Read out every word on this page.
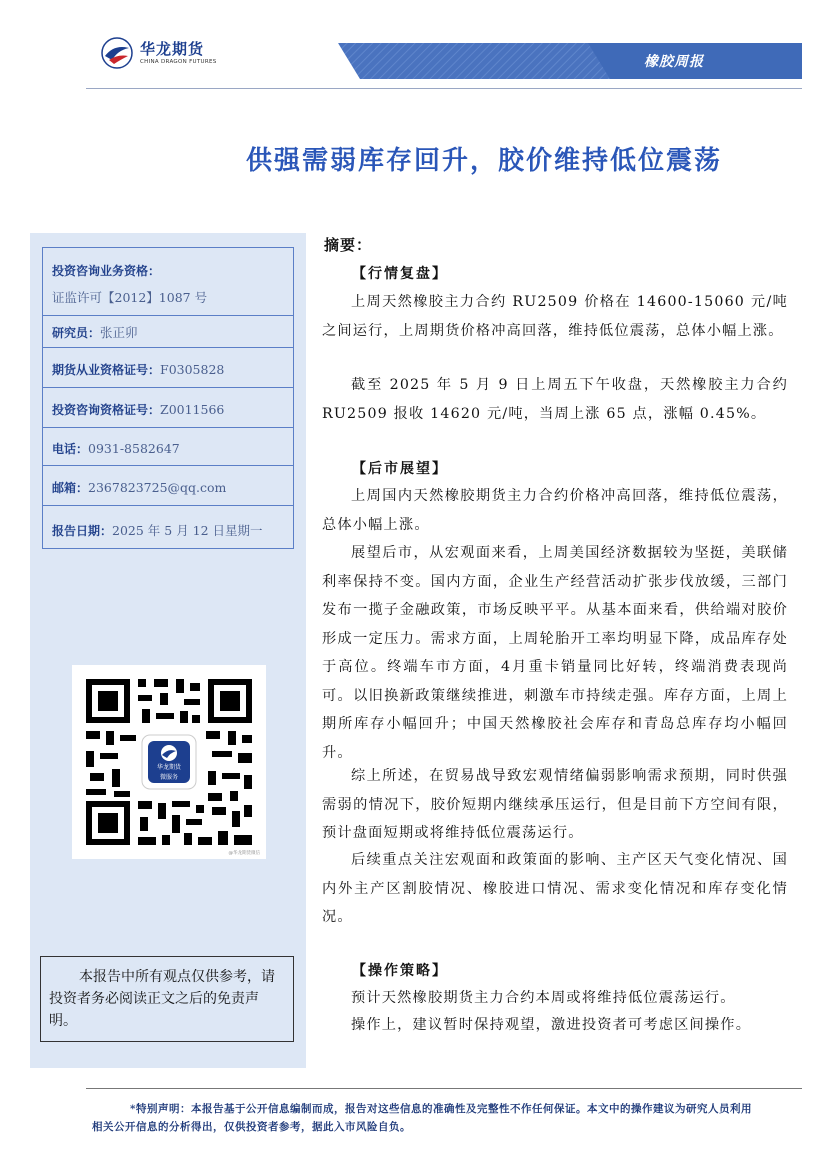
华龙期货
CHINA DRAGON FUTURES	橡胶周报
供强需弱库存回升，胶价维持低位震荡
投资咨询业务资格：
证监许可【2012】1087 号
研究员：张正卯
期货从业资格证号：F0305828
投资咨询资格证号：Z0011566
电话：0931-8582647
邮箱：2367823725@qq.com
报告日期：2025 年 5 月 12 日星期一
华龙期货
微服务
@华龙期货微信
本报告中所有观点仅供参考，请投资者务必阅读正文之后的免责声明。
摘要：
【行情复盘】
上周天然橡胶主力合约 RU2509 价格在 14600-15060 元/吨之间运行，上周期货价格冲高回落，维持低位震荡，总体小幅上涨。
截至 2025 年 5 月 9 日上周五下午收盘，天然橡胶主力合约 RU2509 报收 14620 元/吨，当周上涨 65 点，涨幅 0.45%。
【后市展望】
上周国内天然橡胶期货主力合约价格冲高回落，维持低位震荡，总体小幅上涨。
展望后市，从宏观面来看，上周美国经济数据较为坚挺，美联储利率保持不变。国内方面，企业生产经营活动扩张步伐放缓，三部门发布一揽子金融政策，市场反映平平。从基本面来看，供给端对胶价形成一定压力。需求方面，上周轮胎开工率均明显下降，成品库存处于高位。终端车市方面，4月重卡销量同比好转，终端消费表现尚可。以旧换新政策继续推进，刺激车市持续走强。库存方面，上周上期所库存小幅回升；中国天然橡胶社会库存和青岛总库存均小幅回升。
综上所述，在贸易战导致宏观情绪偏弱影响需求预期，同时供强需弱的情况下，胶价短期内继续承压运行，但是目前下方空间有限，预计盘面短期或将维持低位震荡运行。
后续重点关注宏观面和政策面的影响、主产区天气变化情况、国内外主产区割胶情况、橡胶进口情况、需求变化情况和库存变化情况。
【操作策略】
预计天然橡胶期货主力合约本周或将维持低位震荡运行。
操作上，建议暂时保持观望，激进投资者可考虑区间操作。
*特别声明：本报告基于公开信息编制而成，报告对这些信息的准确性及完整性不作任何保证。本文中的操作建议为研究人员利用相关公开信息的分析得出，仅供投资者参考，据此入市风险自负。
